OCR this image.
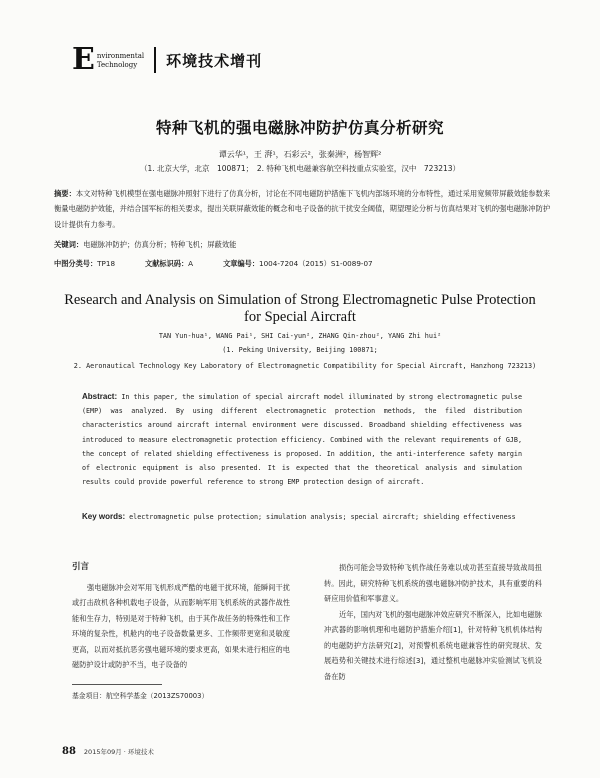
E nvironmental
Technology	环境技术增刊
特种飞机的强电磁脉冲防护仿真分析研究
谭云华¹，王 湃¹，石彩云²，张秦洲²，杨智辉²
（1. 北京大学，北京　100871；　2. 特种飞机电磁兼容航空科技重点实验室，汉中　723213）
摘要：本文对特种飞机模型在强电磁脉冲照射下进行了仿真分析，讨论在不同电磁防护措施下飞机内部场环境的分布特性，通过采用宽频带屏蔽效能参数来衡量电磁防护效能，并结合国军标的相关要求，提出关联屏蔽效能的概念和电子设备的抗干扰安全阈值，期望理论分析与仿真结果对飞机的强电磁脉冲防护设计提供有力参考。
关键词：电磁脉冲防护；仿真分析；特种飞机；屏蔽效能
中图分类号：TP18	文献标识码：A	文章编号：1004-7204（2015）S1-0089-07
Research and Analysis on Simulation of Strong Electromagnetic Pulse Protection for Special Aircraft
TAN Yun-hua¹, WANG Pai¹, SHI Cai-yun², ZHANG Qin-zhou², YANG Zhi hui²
(1. Peking University, Beijing 100871;
2. Aeronautical Technology Key Laboratory of Electromagnetic Compatibility for Special Aircraft, Hanzhong 723213)
Abstract: In this paper, the simulation of special aircraft model illuminated by strong electromagnetic pulse (EMP) was analyzed. By using different electromagnetic protection methods, the filed distribution characteristics around aircraft internal environment were discussed. Broadband shielding effectiveness was introduced to measure electromagnetic protection efficiency. Combined with the relevant requirements of GJB, the concept of related shielding effectiveness is proposed. In addition, the anti-interference safety margin of electronic equipment is also presented. It is expected that the theoretical analysis and simulation results could provide powerful reference to strong EMP protection design of aircraft.
Key words: electromagnetic pulse protection; simulation analysis; special aircraft; shielding effectiveness
引言

强电磁脉冲会对军用飞机形成严酷的电磁干扰环境，能瞬间干扰或打击敌机各种机载电子设备，从而影响军用飞机系统的武器作战性能和生存力，特别是对于特种飞机，由于其作战任务的特殊性和工作环境的复杂性，机舱内的电子设备数量更多、工作频带更宽和灵敏度更高，以而对抵抗恶劣强电磁环境的要求更高，如果未进行相应的电磁防护设计或防护不当，电子设备的

损伤可能会导致特种飞机作战任务难以成功甚至直接导致战局扭转。因此，研究特种飞机系统的强电磁脉冲防护技术，具有重要的科研应用价值和军事意义。

近年，国内对飞机的强电磁脉冲效应研究不断深入，比如电磁脉冲武器的影响机理和电磁防护措施介绍[1]，针对特种飞机机体结构的电磁防护方法研究[2]，对预警机系统电磁兼容性的研究现状、发展趋势和关键技术进行综述[3]，通过整机电磁脉冲实验测试飞机设备在防

基金项目：航空科学基金（2013ZS70003）
88 2015年09月 · 环境技术
